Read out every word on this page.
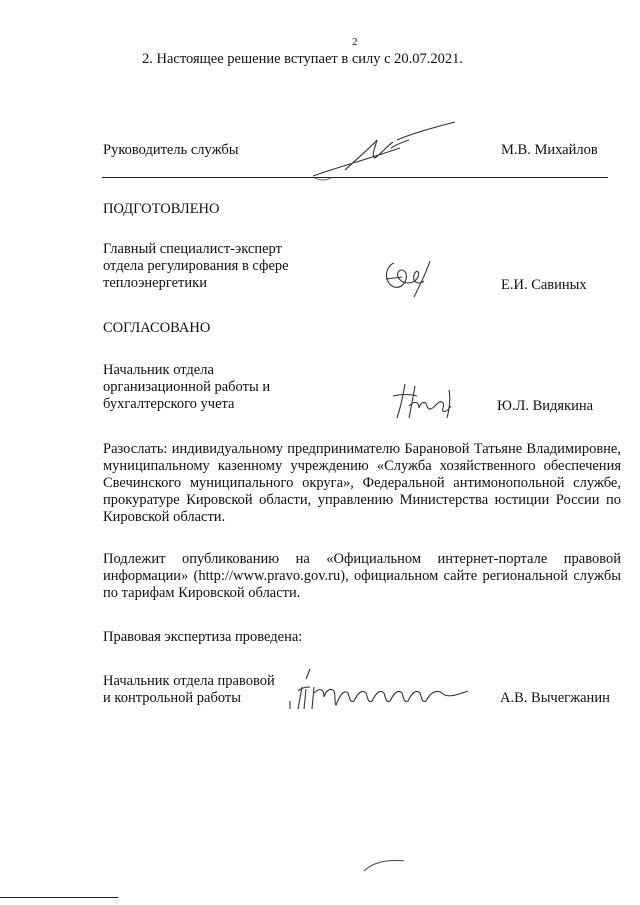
2
2. Настоящее решение вступает в силу с 20.07.2021.
Руководитель службы	М.В. Михайлов
ПОДГОТОВЛЕНО
Главный специалист-эксперт
отдела регулирования в сфере
теплоэнергетики	Е.И. Савиных
СОГЛАСОВАНО
Начальник отдела
организационной работы и
бухгалтерского учета	Ю.Л. Видякина

Разослать: индивидуальному предпринимателю Барановой Татьяне Владимировне, муниципальному казенному учреждению «Служба хозяйственного обеспечения Свечинского муниципального округа», Федеральной антимонопольной службе, прокуратуре Кировской области, управлению Министерства юстиции России по Кировской области.

Подлежит опубликованию на «Официальном интернет-портале правовой информации» (http://www.pravo.gov.ru), официальном сайте региональной службы по тарифам Кировской области.

Правовая экспертиза проведена:
Начальник отдела правовой
и контрольной работы	А.В. Вычегжанин
